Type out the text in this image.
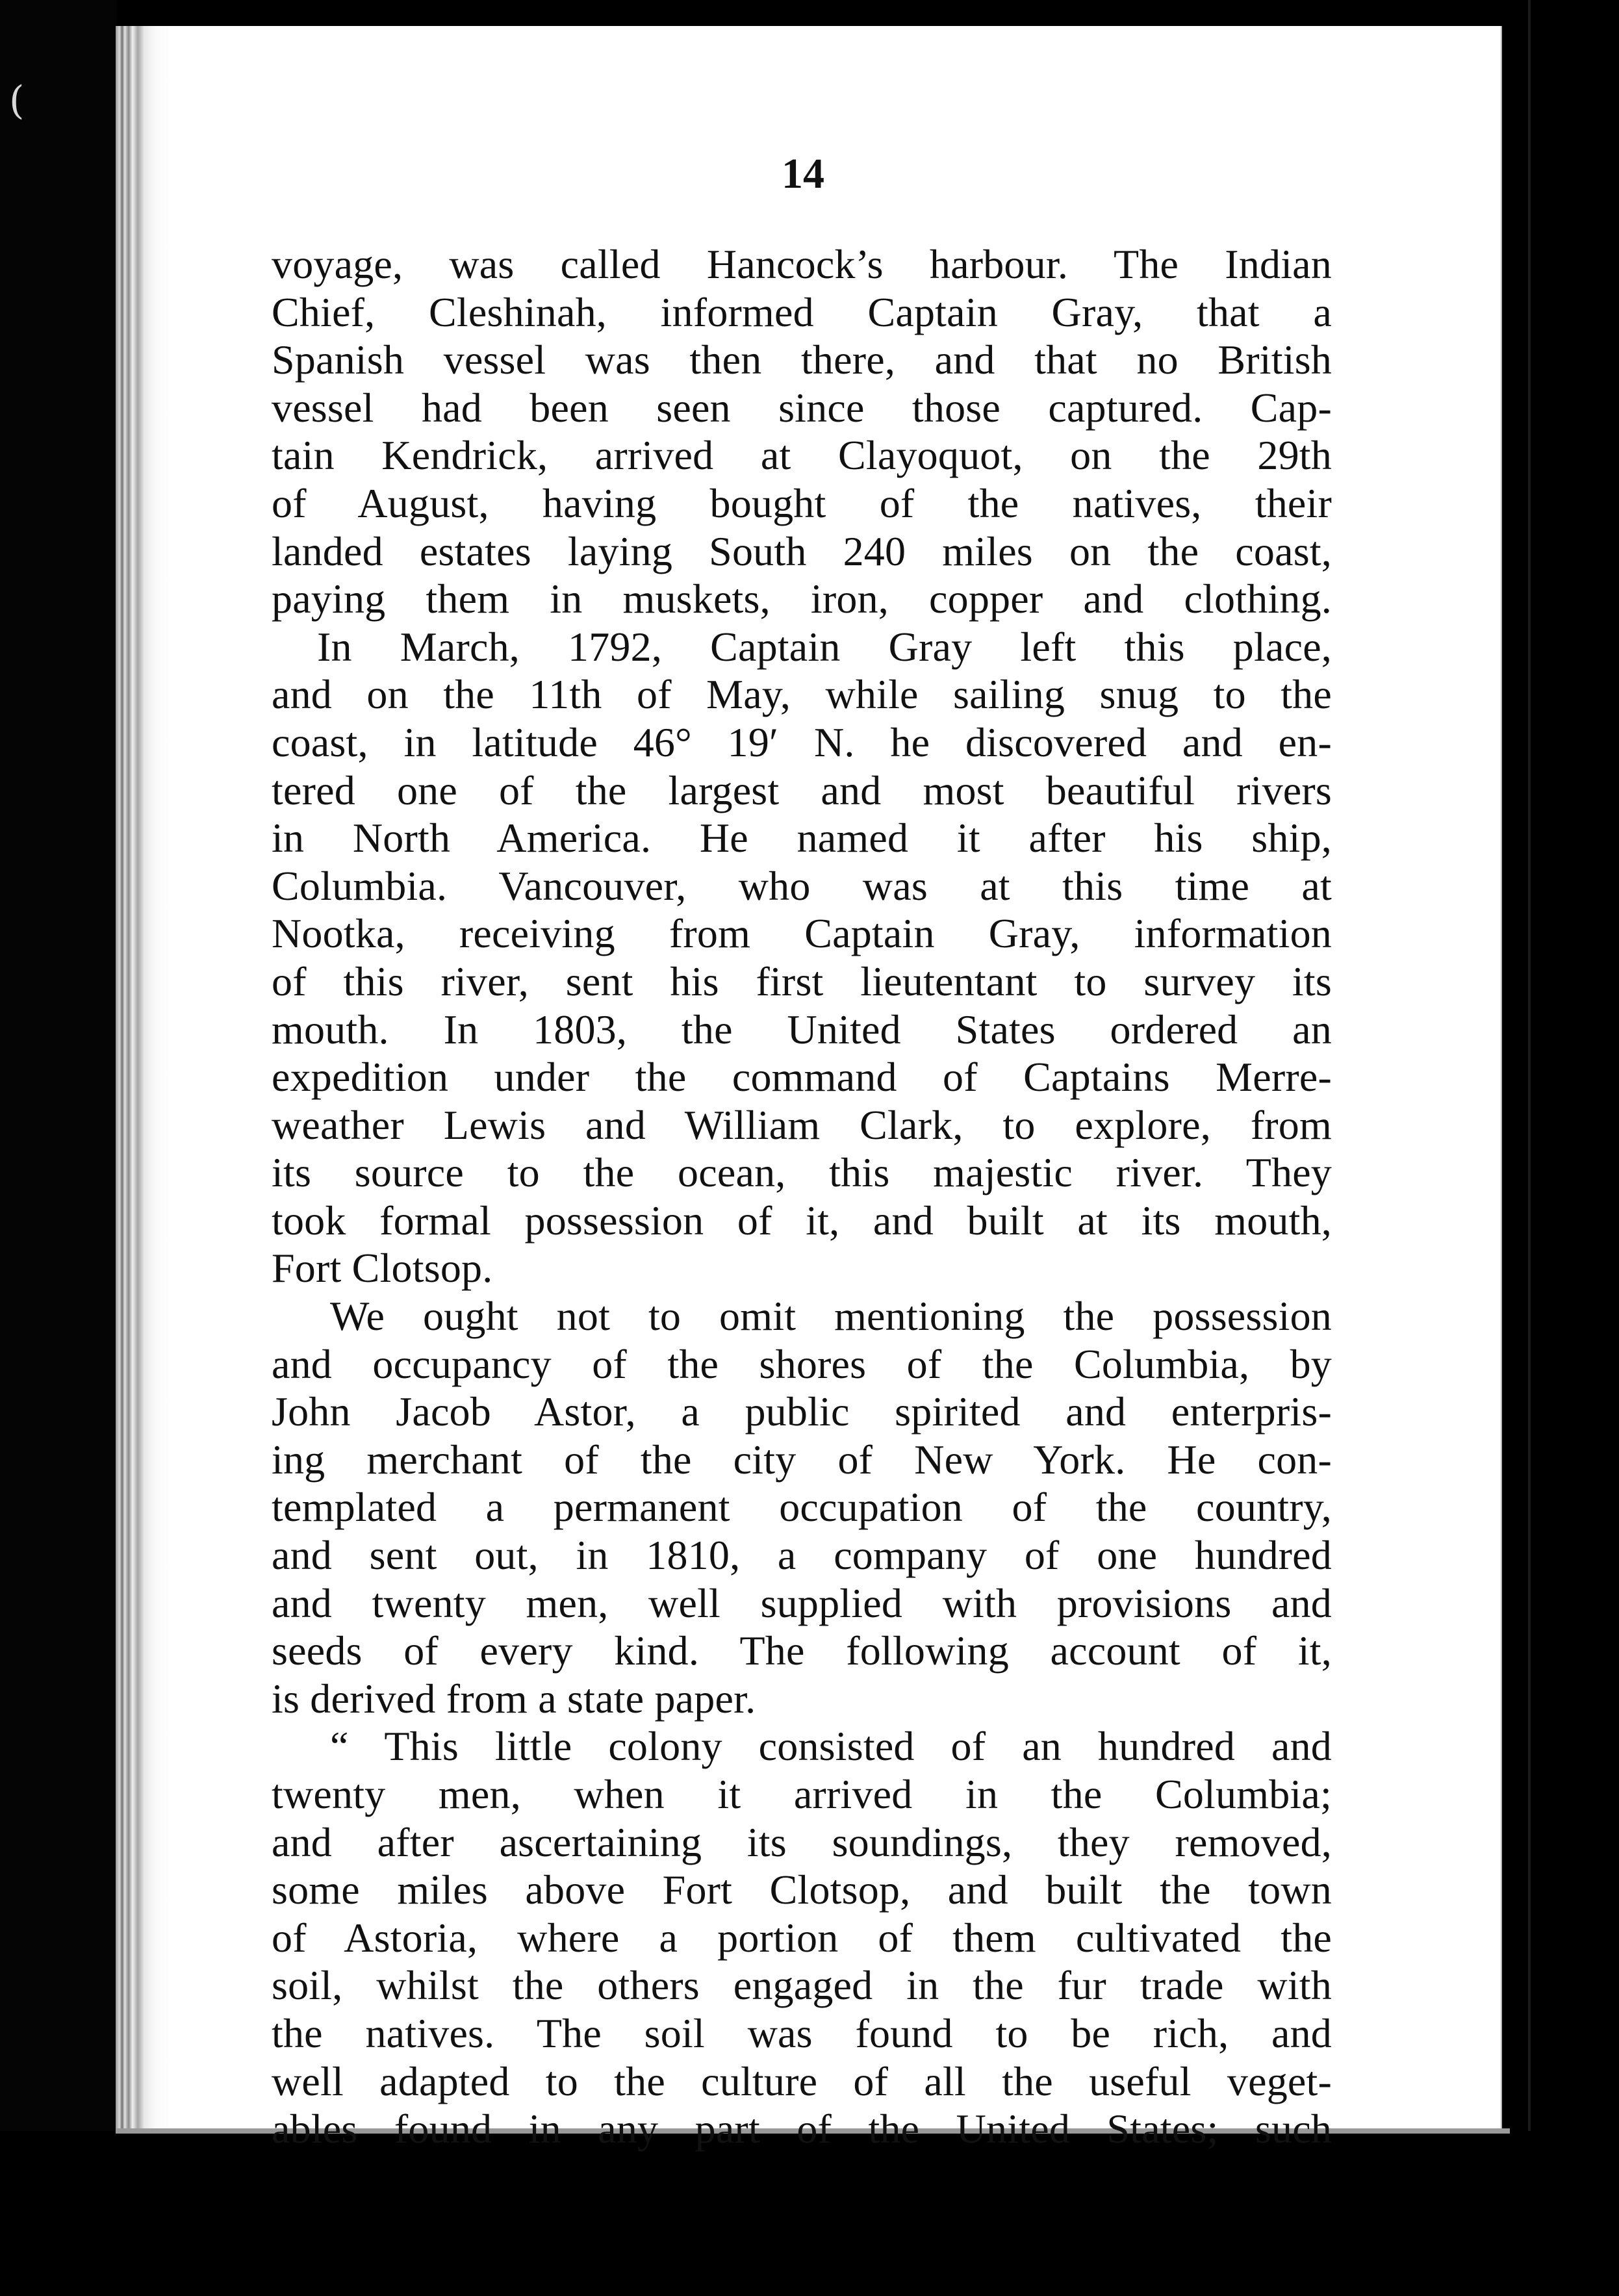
(
14
voyage, was called Hancock’s harbour. The Indian
Chief, Cleshinah, informed Captain Gray, that a
Spanish vessel was then there, and that no British
vessel had been seen since those captured. Cap-
tain Kendrick, arrived at Clayoquot, on the 29th
of August, having bought of the natives, their
landed estates laying South 240 miles on the coast,
paying them in muskets, iron, copper and clothing.
In March, 1792, Captain Gray left this place,
and on the 11th of May, while sailing snug to the
coast, in latitude 46° 19′ N. he discovered and en-
tered one of the largest and most beautiful rivers
in North America. He named it after his ship,
Columbia. Vancouver, who was at this time at
Nootka, receiving from Captain Gray, information
of this river, sent his first lieutentant to survey its
mouth. In 1803, the United States ordered an
expedition under the command of Captains Merre-
weather Lewis and William Clark, to explore, from
its source to the ocean, this majestic river. They
took formal possession of it, and built at its mouth,
Fort Clotsop.
We ought not to omit mentioning the possession
and occupancy of the shores of the Columbia, by
John Jacob Astor, a public spirited and enterpris-
ing merchant of the city of New York. He con-
templated a permanent occupation of the country,
and sent out, in 1810, a company of one hundred
and twenty men, well supplied with provisions and
seeds of every kind. The following account of it,
is derived from a state paper.
“ This little colony consisted of an hundred and
twenty men, when it arrived in the Columbia;
and after ascertaining its soundings, they removed,
some miles above Fort Clotsop, and built the town
of Astoria, where a portion of them cultivated the
soil, whilst the others engaged in the fur trade with
the natives. The soil was found to be rich, and
well adapted to the culture of all the useful veget-
ables found in any part of the United States; such
